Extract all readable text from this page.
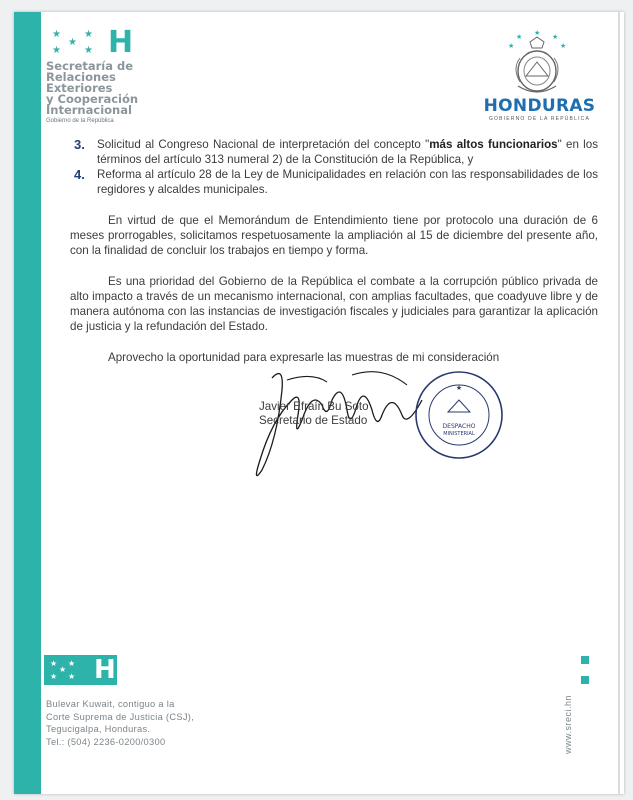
★ ★
★
★ ★ H
Secretaría de
Relaciones
Exteriores
y Cooperación
Internacional
Gobierno de la República
★	★
★	★
★
HONDURAS
GOBIERNO DE LA REPÚBLICA
3.	Solicitud al Congreso Nacional de interpretación del concepto "más altos funcionarios" en los términos del artículo 313 numeral 2) de la Constitución de la República, y
4.	Reforma al artículo 28 de la Ley de Municipalidades en relación con las responsabilidades de los regidores y alcaldes municipales.

En virtud de que el Memorándum de Entendimiento tiene por protocolo una duración de 6 meses prorrogables, solicitamos respetuosamente la ampliación al 15 de diciembre del presente año, con la finalidad de concluir los trabajos en tiempo y forma.

Es una prioridad del Gobierno de la República el combate a la corrupción público privada de alto impacto a través de un mecanismo internacional, con amplias facultades, que coadyuve libre y de manera autónoma con las instancias de investigación fiscales y judiciales para garantizar la aplicación de justicia y la refundación del Estado.

Aprovecho la oportunidad para expresarle las muestras de mi consideración

Javier Efraín Bu Soto
Secretario de Estado
★
DESPACHO
MINISTERIAL
★ ★
★
★ ★ H
Bulevar Kuwait, contiguo a la
Corte Suprema de Justicia (CSJ),
Tegucigalpa, Honduras.
Tel.: (504) 2236-0200/0300	www.sreci.hn
